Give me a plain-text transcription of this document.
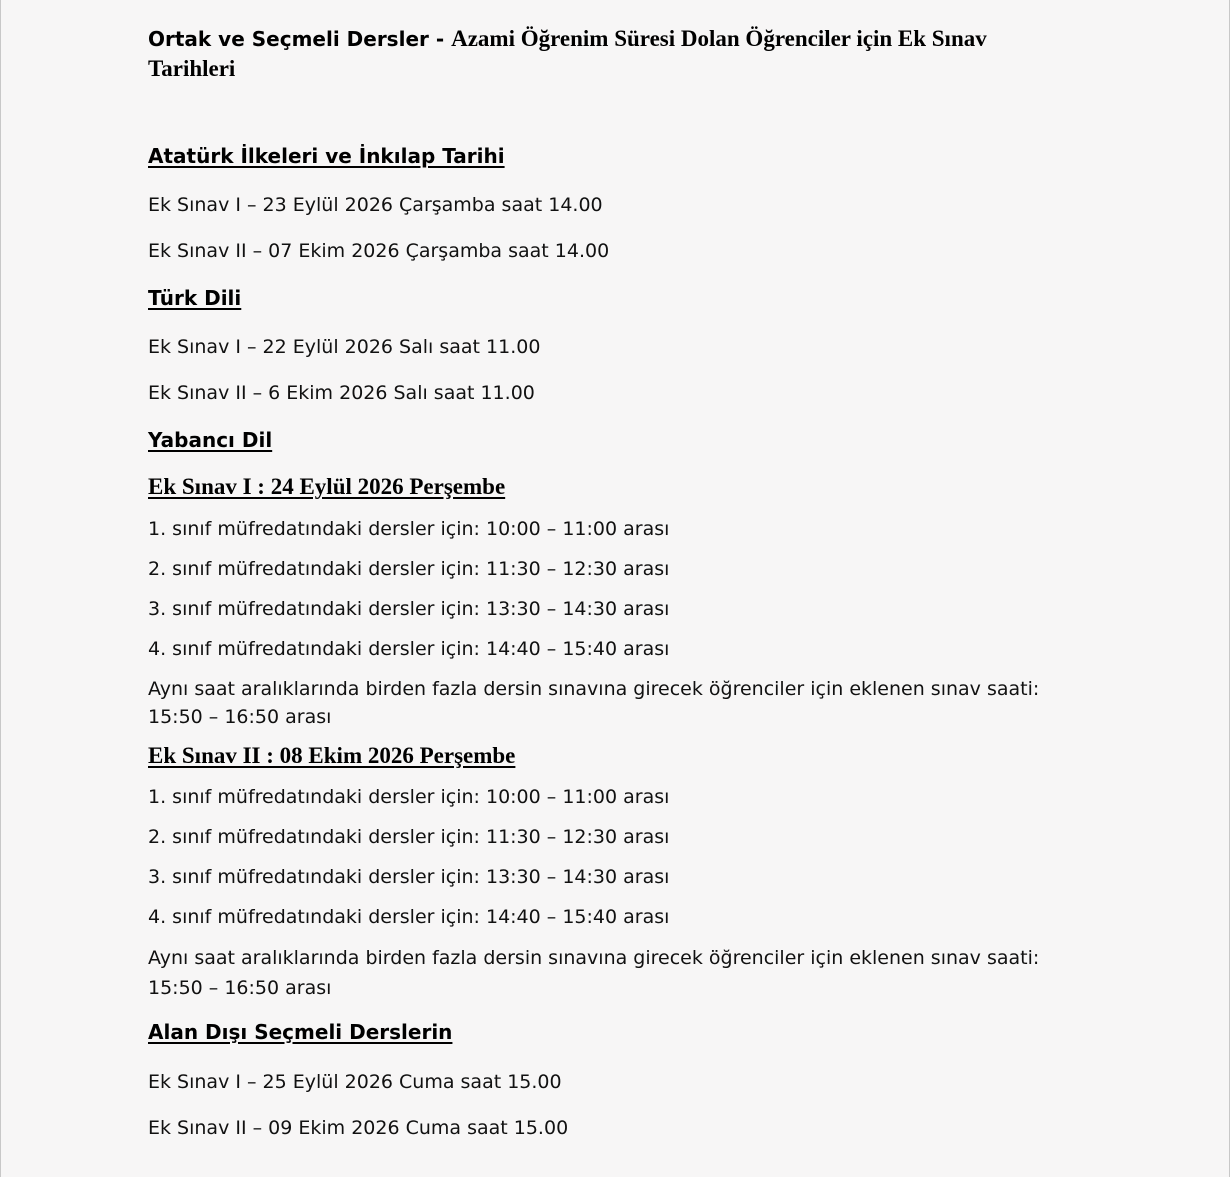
Ortak ve Seçmeli Dersler - Azami Öğrenim Süresi Dolan Öğrenciler için Ek Sınav Tarihleri
Atatürk İlkeleri ve İnkılap Tarihi
Ek Sınav I – 23 Eylül 2026 Çarşamba saat 14.00
Ek Sınav II – 07 Ekim 2026 Çarşamba saat 14.00
Türk Dili
Ek Sınav I – 22 Eylül 2026 Salı saat 11.00
Ek Sınav II – 6 Ekim 2026 Salı saat 11.00
Yabancı Dil
Ek Sınav I : 24 Eylül 2026 Perşembe
1. sınıf müfredatındaki dersler için: 10:00 – 11:00 arası
2. sınıf müfredatındaki dersler için: 11:30 – 12:30 arası
3. sınıf müfredatındaki dersler için: 13:30 – 14:30 arası
4. sınıf müfredatındaki dersler için: 14:40 – 15:40 arası
Aynı saat aralıklarında birden fazla dersin sınavına girecek öğrenciler için eklenen sınav saati: 15:50 – 16:50 arası
Ek Sınav II : 08 Ekim 2026 Perşembe
1. sınıf müfredatındaki dersler için: 10:00 – 11:00 arası
2. sınıf müfredatındaki dersler için: 11:30 – 12:30 arası
3. sınıf müfredatındaki dersler için: 13:30 – 14:30 arası
4. sınıf müfredatındaki dersler için: 14:40 – 15:40 arası
Aynı saat aralıklarında birden fazla dersin sınavına girecek öğrenciler için eklenen sınav saati: 15:50 – 16:50 arası
Alan Dışı Seçmeli Derslerin
Ek Sınav I – 25 Eylül 2026 Cuma saat 15.00
Ek Sınav II – 09 Ekim 2026 Cuma saat 15.00
